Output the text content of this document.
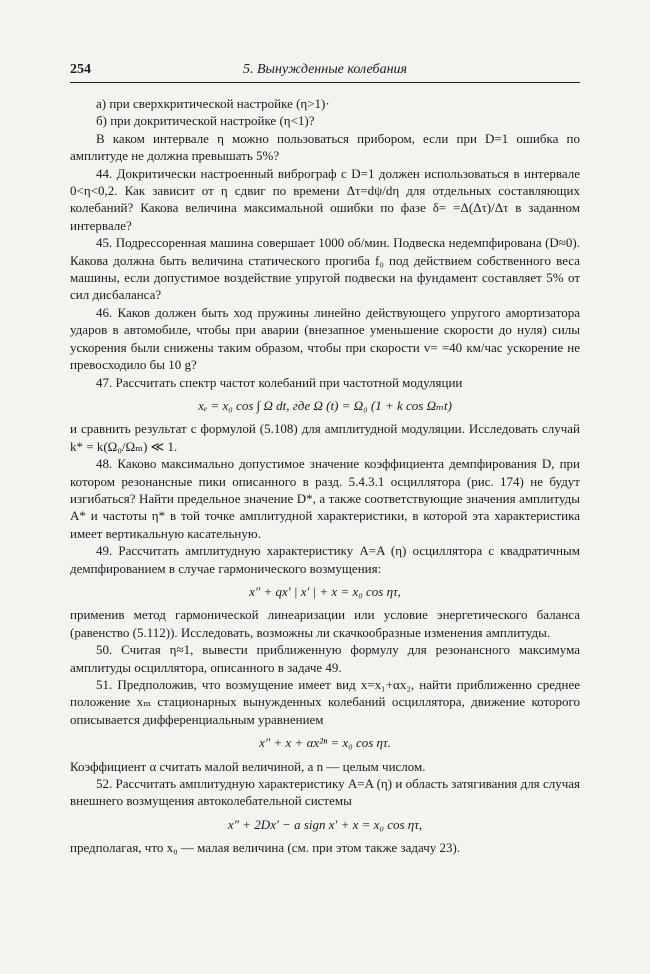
254	5. Вынужденные колебания

а) при сверхкритической настройке (η>1)·

б) при докритической настройке (η<1)?

В каком интервале η можно пользоваться прибором, если при D=1 ошибка по амплитуде не должна превышать 5%?

44. Докритически настроенный виброграф с D=1 должен использоваться в интервале 0<η<0,2. Как зависит от η сдвиг по времени Δτ=dψ/dη для отдельных составляющих колебаний? Какова величина максимальной ошибки по фазе δ= =Δ(Δτ)/Δτ в заданном интервале?

45. Подрессоренная машина совершает 1000 об/мин. Подвеска недемпфирована (D≈0). Какова должна быть величина статического прогиба f₀ под действием собственного веса машины, если допустимое воздействие упругой подвески на фундамент составляет 5% от сил дисбаланса?

46. Каков должен быть ход пружины линейно действующего упругого амортизатора ударов в автомобиле, чтобы при аварии (внезапное уменьшение скорости до нуля) силы ускорения были снижены таким образом, чтобы при скорости v= =40 км/час ускорение не превосходило бы 10 g?

47. Рассчитать спектр частот колебаний при частотной модуляции

xₑ = x₀ cos ∫ Ω dt, где Ω (t) = Ω₀ (1 + k cos Ωₘt)

и сравнить результат с формулой (5.108) для амплитудной модуляции. Исследовать случай k* = k(Ω₀/Ωₘ) ≪ 1.

48. Каково максимально допустимое значение коэффициента демпфирования D, при котором резонансные пики описанного в разд. 5.4.3.1 осциллятора (рис. 174) не будут изгибаться? Найти предельное значение D*, а также соответствующие значения амплитуды A* и частоты η* в той точке амплитудной характеристики, в которой эта характеристика имеет вертикальную касательную.

49. Рассчитать амплитудную характеристику A=A (η) осциллятора с квадратичным демпфированием в случае гармонического возмущения:

x″ + qx′ | x′ | + x = x₀ cos ητ,

применив метод гармонической линеаризации или условие энергетического баланса (равенство (5.112)). Исследовать, возможны ли скачкообразные изменения амплитуды.

50. Считая η≈1, вывести приближенную формулу для резонансного максимума амплитуды осциллятора, описанного в задаче 49.

51. Предположив, что возмущение имеет вид x=x₁+αx₂, найти приближенно среднее положение xₘ стационарных вынужденных колебаний осциллятора, движение которого описывается дифференциальным уравнением

x″ + x + αx²ⁿ = x₀ cos ητ.

Коэффициент α считать малой величиной, а n — целым числом.

52. Рассчитать амплитудную характеристику A=A (η) и область затягивания для случая внешнего возмущения автоколебательной системы

x″ + 2Dx′ − a sign x′ + x = x₀ cos ητ,

предполагая, что x₀ — малая величина (см. при этом также задачу 23).
